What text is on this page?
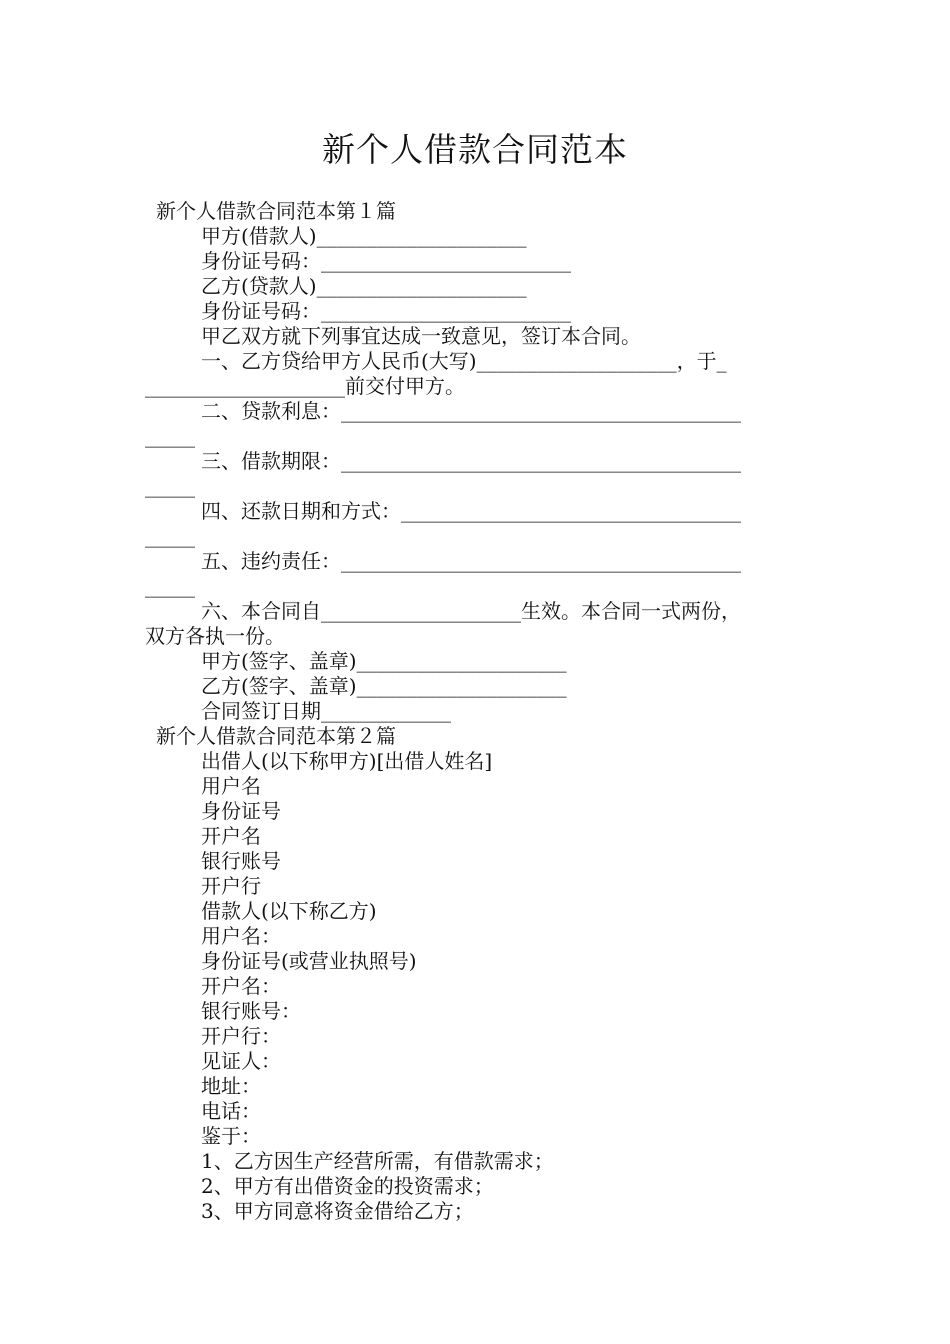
新个人借款合同范本
新个人借款合同范本第１篇
甲方(借款人)_____________________
身份证号码：_________________________
乙方(贷款人)_____________________
身份证号码：_________________________
甲乙双方就下列事宜达成一致意见，签订本合同。
一、乙方贷给甲方人民币(大写)____________________，于_
____________________前交付甲方。
二、贷款利息：________________________________________
_____
三、借款期限：________________________________________
_____
四、还款日期和方式：__________________________________
_____
五、违约责任：________________________________________
_____
六、本合同自____________________生效。本合同一式两份，
双方各执一份。
甲方(签字、盖章)_____________________
乙方(签字、盖章)_____________________
合同签订日期_____________
新个人借款合同范本第２篇
出借人(以下称甲方)[出借人姓名]
用户名
身份证号
开户名
银行账号
开户行
借款人(以下称乙方)
用户名：
身份证号(或营业执照号)
开户名：
银行账号：
开户行：
见证人：
地址：
电话：
鉴于：
1、乙方因生产经营所需，有借款需求；
2、甲方有出借资金的投资需求；
3、甲方同意将资金借给乙方；
